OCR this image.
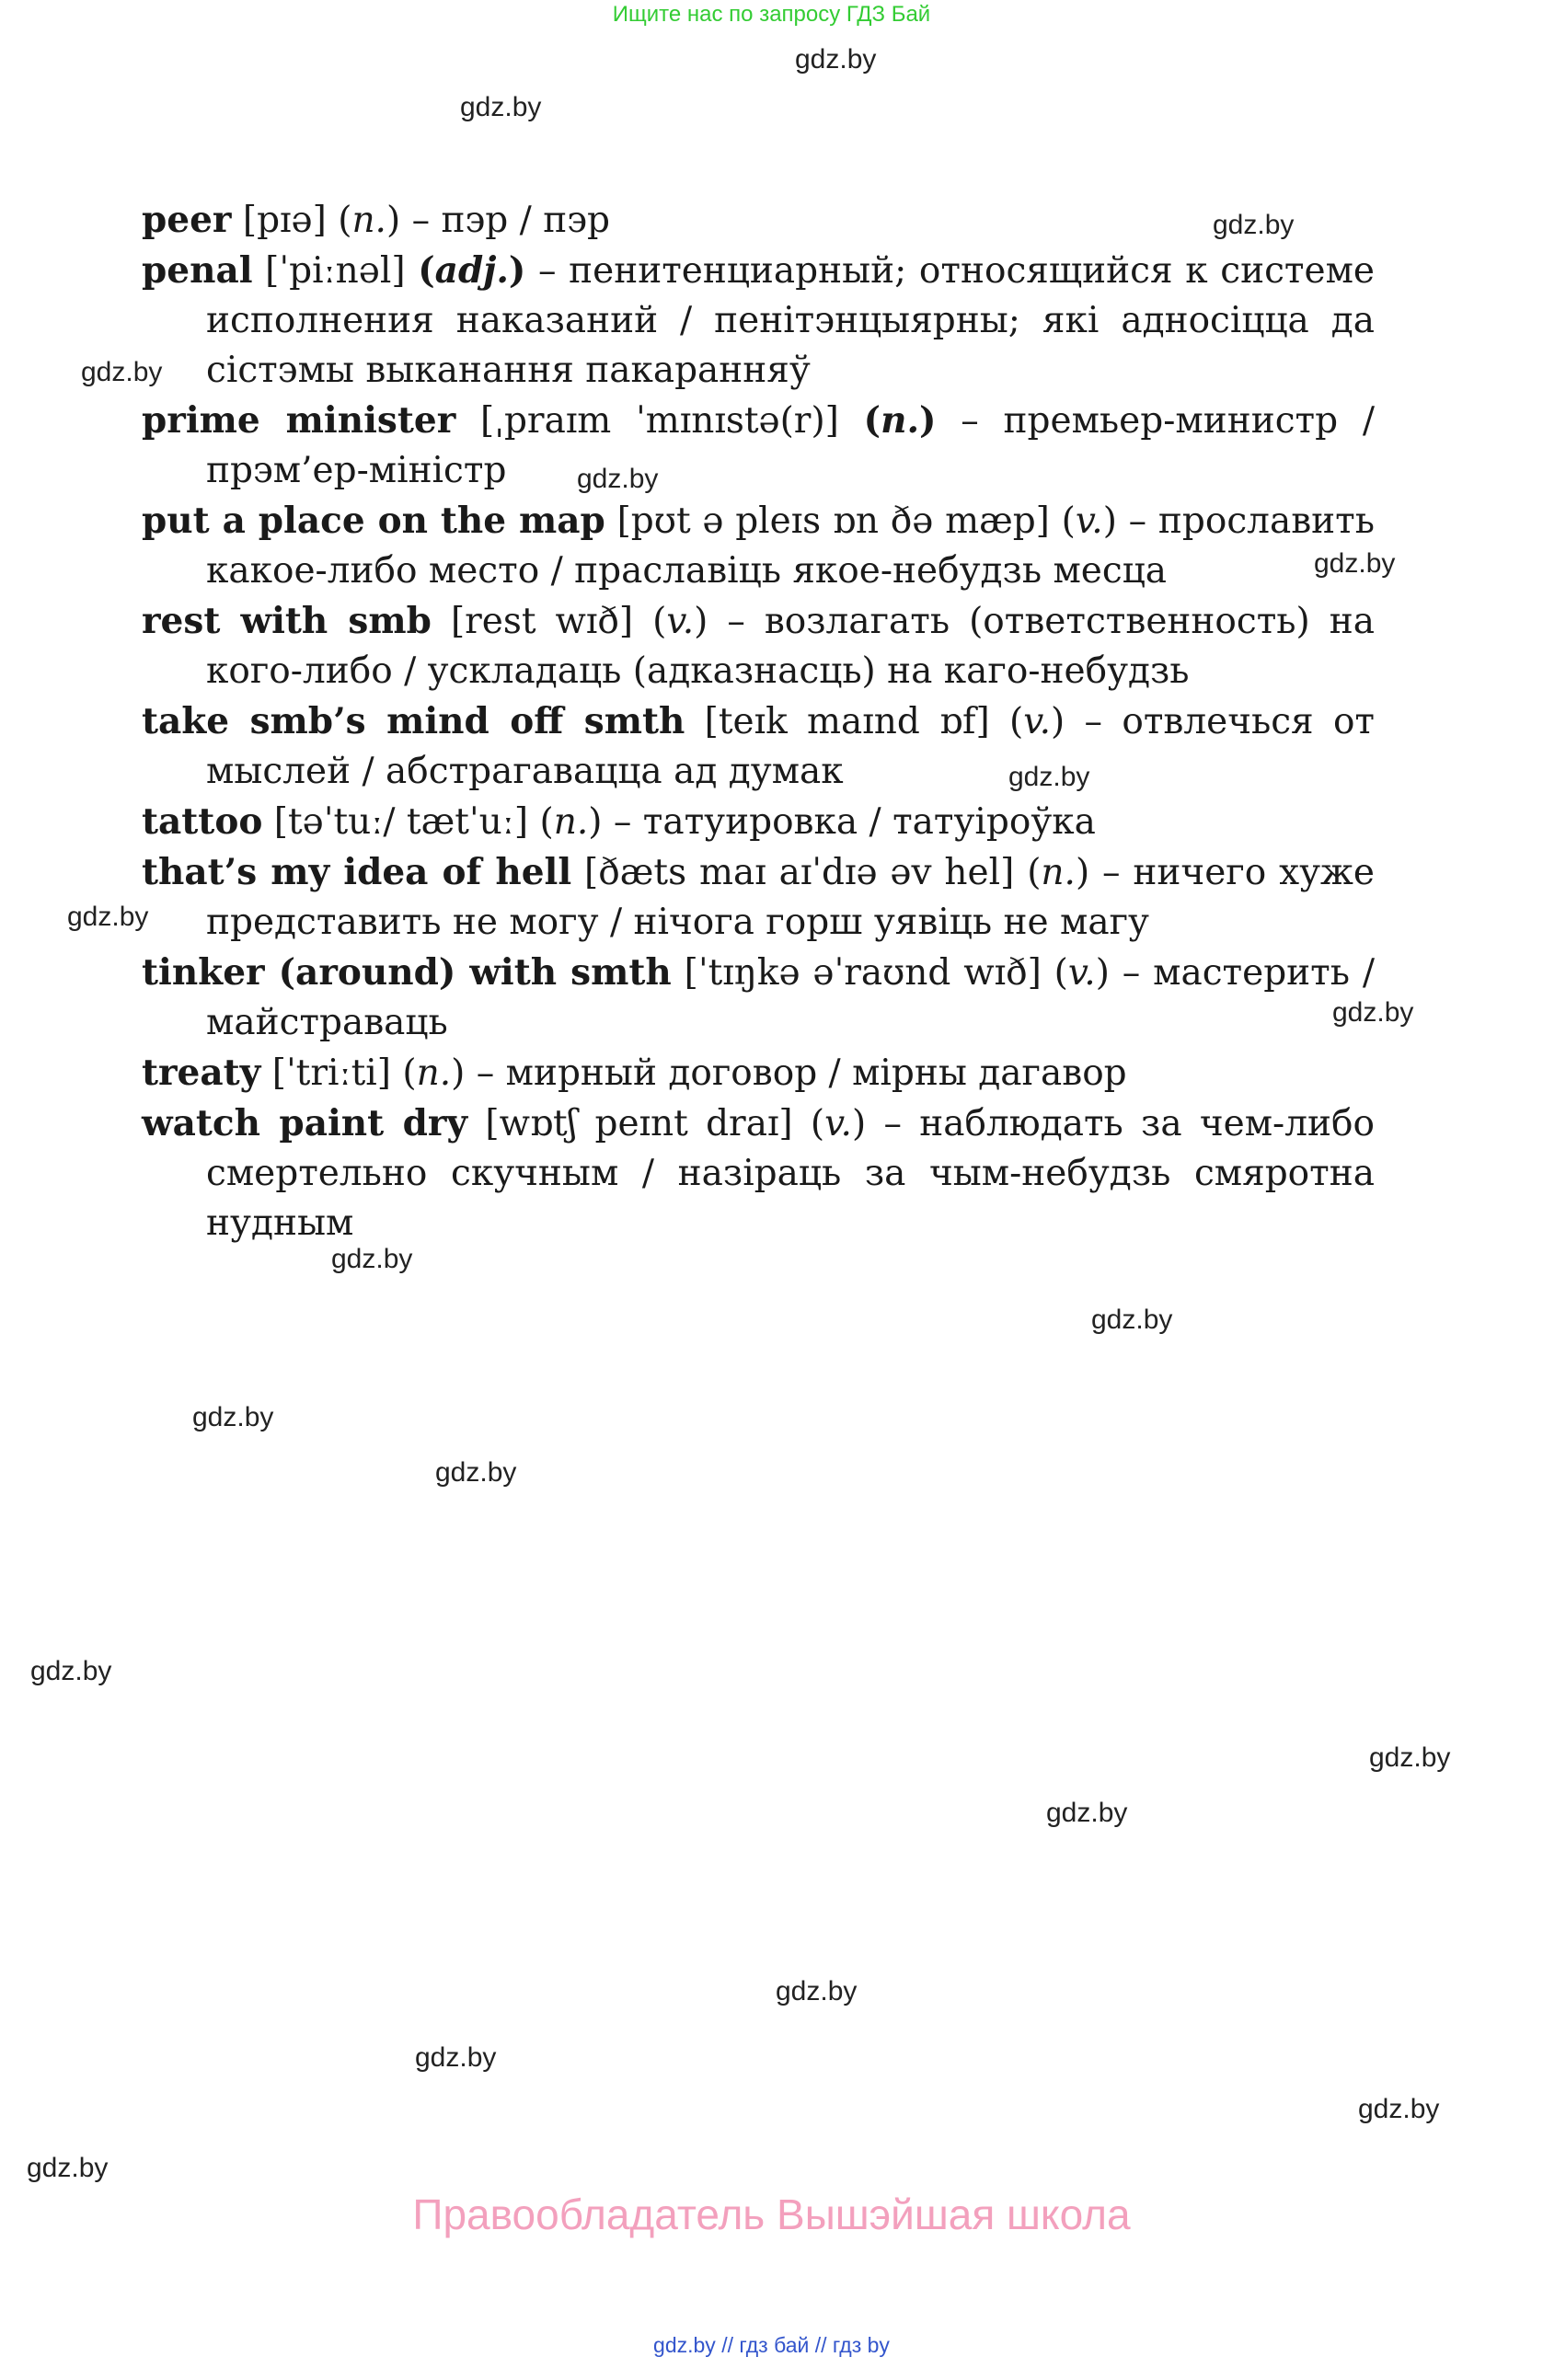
Ищите нас по запросу ГДЗ Бай
gdz.by
gdz.by
gdz.by
gdz.by
gdz.by
gdz.by
gdz.by
gdz.by
gdz.by
gdz.by
gdz.by
gdz.by
gdz.by
gdz.by
gdz.by
gdz.by
gdz.by
gdz.by
gdz.by
gdz.by
peer [pɪə] (n.) – пэр / пэр
penal [ˈpiːnəl] (adj.) – пенитенциарный; относящийся к системе исполнения наказаний / пенітэнцыярны; які адносіцца да сістэмы выканання пакаранняў
prime minister [ˌpraɪm ˈmɪnɪstə(r)] (n.) – премьер-министр / прэм’ер-міністр
put a place on the map [pʊt ə pleɪs ɒn ðə mæp] (v.) – прославить какое-либо место / праславіць якое-небудзь месца
rest with smb [rest wɪð] (v.) – возлагать (ответственность) на кого-либо / ускладаць (адказнасць) на каго-небудзь
take smb’s mind off smth [teɪk maɪnd ɒf] (v.) – отвлечься от мыслей / абстрагавацца ад думак
tattoo [təˈtuː/ tætˈuː] (n.) – татуировка / татуіроўка
that’s my idea of hell [ðæts maɪ aɪˈdɪə əv hel] (n.) – ничего хуже представить не могу / нічога горш уявіць не магу
tinker (around) with smth [ˈtɪŋkə əˈraʊnd wɪð] (v.) – мастерить / майстраваць
treaty [ˈtriːti] (n.) – мирный договор / мірны дагавор
watch paint dry [wɒtʃ peɪnt draɪ] (v.) – наблюдать за чем-либо смертельно скучным / назіраць за чым-небудзь смяротна нудным
Правообладатель Вышэйшая школа
gdz.by // гдз бай // гдз by
